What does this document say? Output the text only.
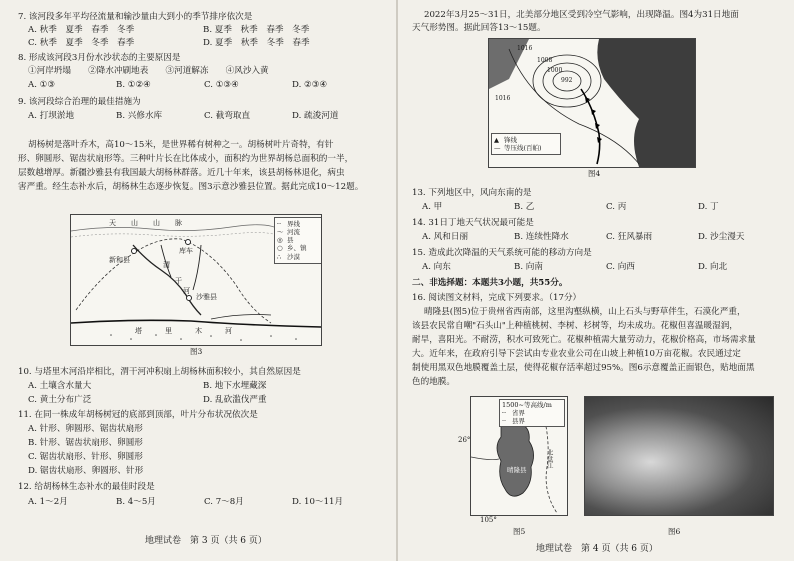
7. 该河段多年平均径流量和输沙量由大到小的季节排序依次是
A. 秋季　夏季　春季　冬季	B. 夏季　秋季　春季　冬季
C. 秋季　夏季　冬季　春季	D. 夏季　秋季　冬季　春季
8. 形成该河段3月份水沙状态的主要原因是
①河岸坍塌　　②降水冲刷地表　　③河道解冻　　④风沙入黄
A. ①③	B. ①②④	C. ①③④	D. ②③④
9. 该河段综合治理的最佳措施为
A. 打坝淤地	B. 兴修水库	C. 截弯取直	D. 疏浚河道
胡杨树是落叶乔木，高10～15米，是世界稀有树种之一。胡杨树叶片奇特，有针
形、卵圆形、锯齿状扇形等。三种叶片长在比体成小，面积约为世界胡杨总面积的一半，
层数越增厚。新疆沙雅县有我国最大胡杨林群落。近几十年来，该县胡杨林退化，病虫
害严重。经生态补水后，胡杨林生态逐步恢复。图3示意沙雅县位置。据此完成10～12题。
天　山　山　脉
新和县
库车
沙雅县
渭
干
河
塔　　里　　木　　河
┄ 界线
～ 河流
◎ 县
○ 乡、镇
∴ 沙漠
图3
10. 与塔里木河沿岸相比，渭干河冲积扇上胡杨林面积较小，其自然原因是
A. 土壤含水量大	B. 地下水埋藏深
C. 黄土分布广泛	D. 乱砍滥伐严重
11. 在同一株成年胡杨树冠的底部到顶部，叶片分布状况依次是
A. 针形、卵圆形、锯齿状扇形
B. 针形、锯齿状扇形、卵圆形
C. 锯齿状扇形、针形、卵圆形
D. 锯齿状扇形、卵圆形、针形
12. 给胡杨林生态补水的最佳时段是
A. 1～2月	B. 4～5月	C. 7～8月	D. 10～11月
地理试卷　第 3 页（共 6 页）
2022年3月25～31日，北美部分地区受到冷空气影响，出现降温。图4为31日地面
天气形势图。据此回答13～15题。
1016
1008
1000
992
1016
▲ 锋线
— 等压线(百帕)
图4
13. 下列地区中，风向东南的是
A. 甲	B. 乙	C. 丙	D. 丁
14. 31日丁地天气状况最可能是
A. 风和日丽	B. 连续性降水	C. 狂风暴雨	D. 沙尘漫天
15. 造成此次降温的天气系统可能的移动方向是
A. 向东	B. 向南	C. 向西	D. 向北
二、非选择题：本题共3小题，共55分。
16. 阅读图文材料，完成下列要求。（17分）
晴隆县(图5)位于贵州省西南部，这里沟壑纵横，山上石头与野草伴生，石漠化严重，
该县农民常自嘲"石头山"上种植桃树、李树、杉树等，均未成功。花椒但喜温暖湿润，
耐旱，喜阳光。不耐涝，积水可致死亡。花椒种植需大量劳动力，花椒价格高，市场需求量
大。近年来，在政府引导下尝试由专业农业公司在山坡上种植10万亩花椒。农民通过定
制使用黑双色地膜覆盖土层，使得花椒存活率超过95%。图6示意覆盖正面银色，贴地面黑
色的地膜。
1500~等高线/m
┄ 省界
┈ 县界
晴隆县
北盘江
26°
105°
图5	图6
地理试卷　第 4 页（共 6 页）
